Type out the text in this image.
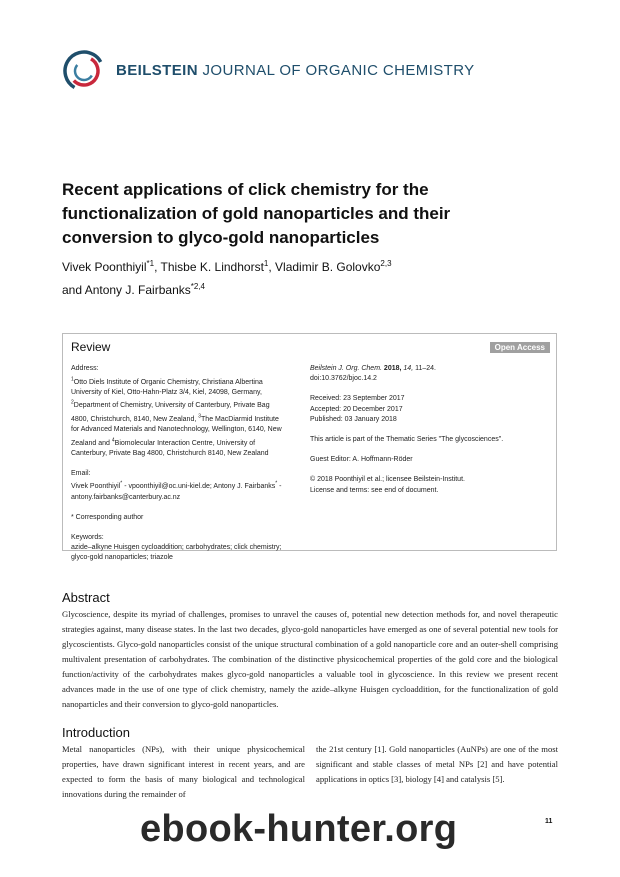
BEILSTEIN JOURNAL OF ORGANIC CHEMISTRY
Recent applications of click chemistry for the functionalization of gold nanoparticles and their conversion to glyco-gold nanoparticles
Vivek Poonthiyil$^{*1}$, Thisbe K. Lindhorst$^1$, Vladimir B. Golovko$^{2,3}$
and Antony J. Fairbanks$^{*2,4}$
Review	Open Access

Address:
$^1$Otto Diels Institute of Organic Chemistry, Christiana Albertina
University of Kiel, Otto-Hahn-Platz 3/4, Kiel, 24098, Germany,
$^2$Department of Chemistry, University of Canterbury, Private Bag
4800, Christchurch, 8140, New Zealand, $^3$The MacDiarmid Institute
for Advanced Materials and Nanotechnology, Wellington, 6140, New
Zealand and $^4$Biomolecular Interaction Centre, University of
Canterbury, Private Bag 4800, Christchurch 8140, New Zealand

Email:
Vivek Poonthiyil* - vpoonthiyil@oc.uni-kiel.de; Antony J. Fairbanks* -
antony.fairbanks@canterbury.ac.nz

* Corresponding author

Keywords:
azide–alkyne Huisgen cycloaddition; carbohydrates; click chemistry;
glyco-gold nanoparticles; triazole

Beilstein J. Org. Chem. 2018, 14, 11–24.
doi:10.3762/bjoc.14.2

Received: 23 September 2017
Accepted: 20 December 2017
Published: 03 January 2018

This article is part of the Thematic Series "The glycosciences".

Guest Editor: A. Hoffmann-Röder

© 2018 Poonthiyil et al.; licensee Beilstein-Institut.
License and terms: see end of document.

Abstract
Glycoscience, despite its myriad of challenges, promises to unravel the causes of, potential new detection methods for, and novel therapeutic strategies against, many disease states. In the last two decades, glyco-gold nanoparticles have emerged as one of several potential new tools for glycoscientists. Glyco-gold nanoparticles consist of the unique structural combination of a gold nanoparticle core and an outer-shell comprising multivalent presentation of carbohydrates. The combination of the distinctive physicochemical properties of the gold core and the biological function/activity of the carbohydrates makes glyco-gold nanoparticles a valuable tool in glycoscience. In this review we present recent advances made in the use of one type of click chemistry, namely the azide–alkyne Huisgen cycloaddition, for the functionalization of gold nanoparticles and their conversion to glyco-gold nanoparticles.
Introduction
Metal nanoparticles (NPs), with their unique physicochemical properties, have drawn significant interest in recent years, and are expected to form the basis of many biological and technological innovations during the remainder of
the 21st century [1]. Gold nanoparticles (AuNPs) are one of the most significant and stable classes of metal NPs [2] and have potential applications in optics [3], biology [4] and catalysis [5].
ebook-hunter.org	11
